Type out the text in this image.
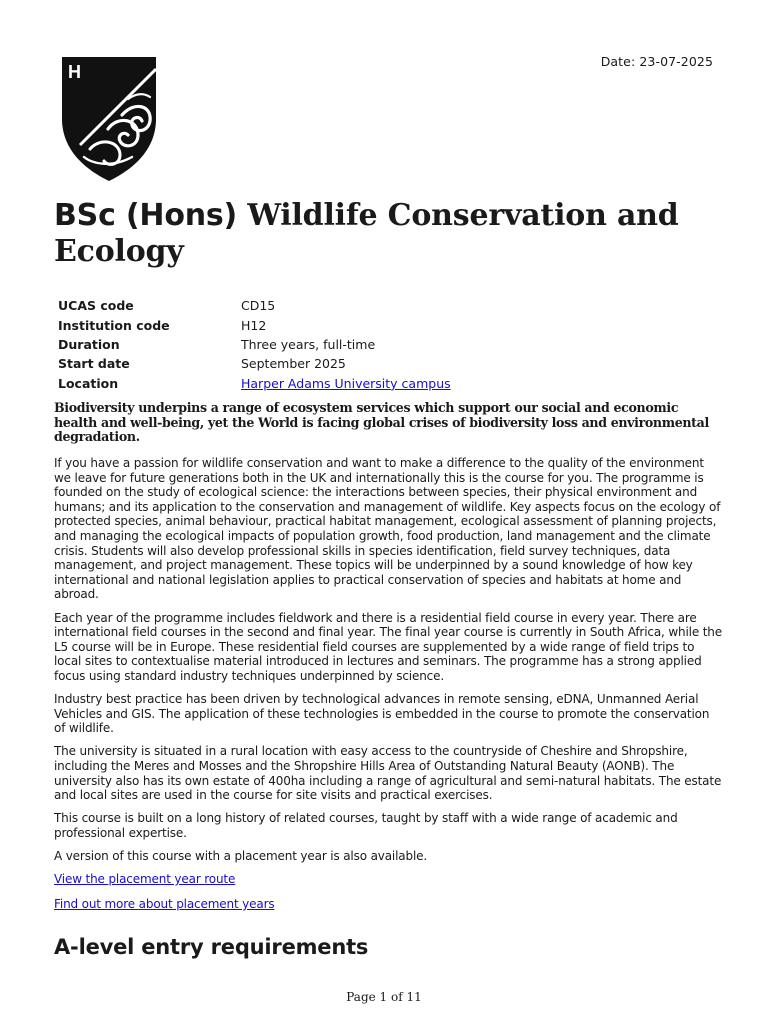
Date: 23-07-2025
H
BSc (Hons) Wildlife Conservation and Ecology
UCAS code	CD15
Institution code	H12
Duration	Three years, full-time
Start date	September 2025
Location	Harper Adams University campus

Biodiversity underpins a range of ecosystem services which support our social and economic health and well-being, yet the World is facing global crises of biodiversity loss and environmental degradation.

If you have a passion for wildlife conservation and want to make a difference to the quality of the environment we leave for future generations both in the UK and internationally this is the course for you. The programme is founded on the study of ecological science: the interactions between species, their physical environment and humans; and its application to the conservation and management of wildlife. Key aspects focus on the ecology of protected species, animal behaviour, practical habitat management, ecological assessment of planning projects, and managing the ecological impacts of population growth, food production, land management and the climate crisis. Students will also develop professional skills in species identification, field survey techniques, data management, and project management. These topics will be underpinned by a sound knowledge of how key international and national legislation applies to practical conservation of species and habitats at home and abroad.

Each year of the programme includes fieldwork and there is a residential field course in every year. There are international field courses in the second and final year. The final year course is currently in South Africa, while the L5 course will be in Europe. These residential field courses are supplemented by a wide range of field trips to local sites to contextualise material introduced in lectures and seminars. The programme has a strong applied focus using standard industry techniques underpinned by science.

Industry best practice has been driven by technological advances in remote sensing, eDNA, Unmanned Aerial Vehicles and GIS. The application of these technologies is embedded in the course to promote the conservation of wildlife.

The university is situated in a rural location with easy access to the countryside of Cheshire and Shropshire, including the Meres and Mosses and the Shropshire Hills Area of Outstanding Natural Beauty (AONB). The university also has its own estate of 400ha including a range of agricultural and semi-natural habitats. The estate and local sites are used in the course for site visits and practical exercises.

This course is built on a long history of related courses, taught by staff with a wide range of academic and professional expertise.

A version of this course with a placement year is also available.

View the placement year route

Find out more about placement years

A-level entry requirements
Page 1 of 11
